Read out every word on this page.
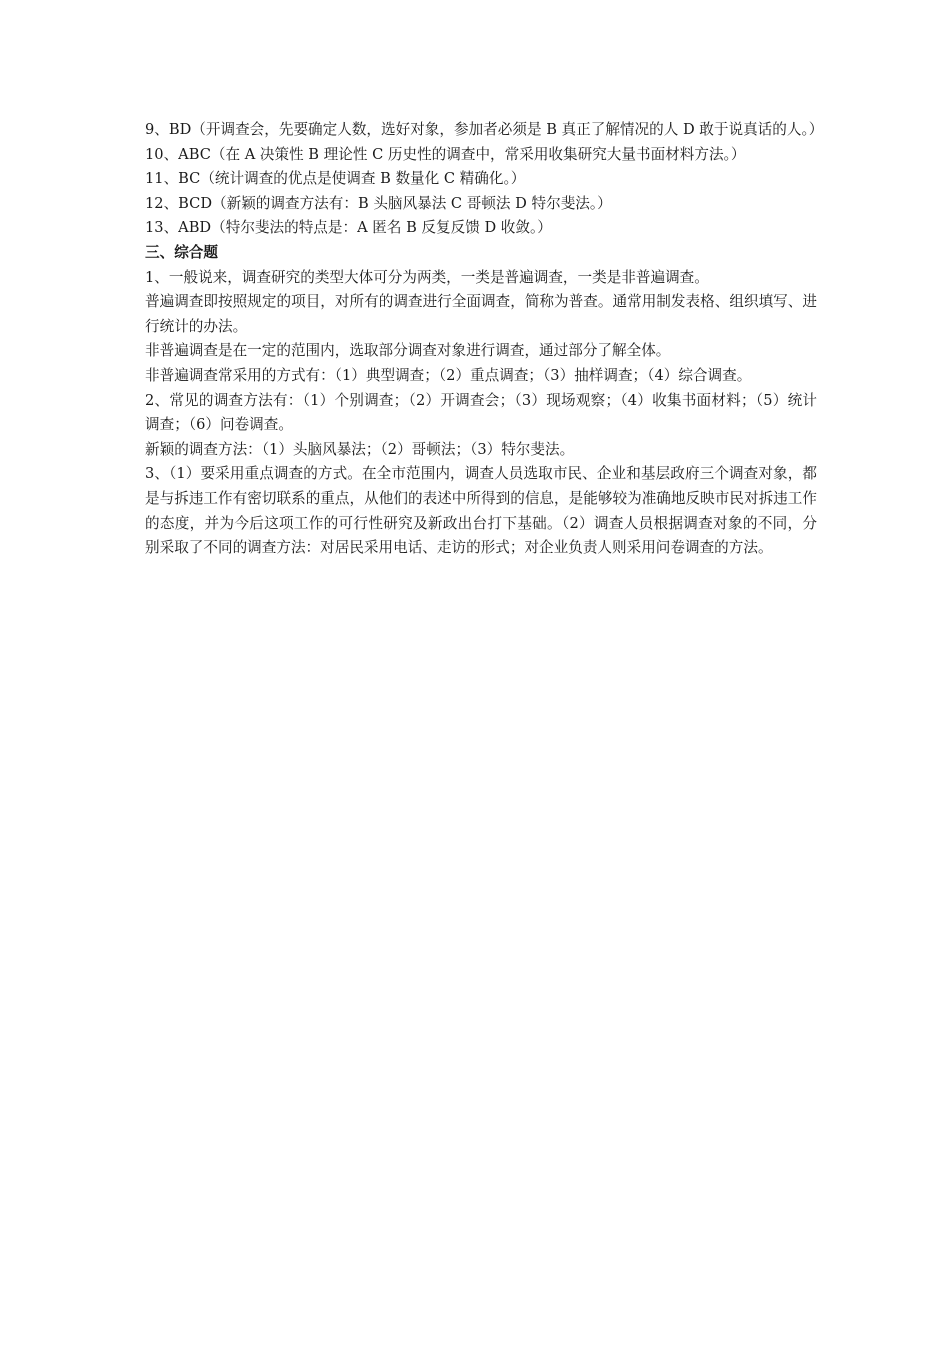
9、BD（开调查会，先要确定人数，选好对象，参加者必须是 B 真正了解情况的人 D 敢于说真话的人。）

10、ABC（在 A 决策性 B 理论性 C 历史性的调查中，常采用收集研究大量书面材料方法。）

11、BC（统计调查的优点是使调查 B 数量化 C 精确化。）

12、BCD（新颖的调查方法有：B 头脑风暴法 C 哥顿法 D 特尔斐法。）

13、ABD（特尔斐法的特点是：A 匿名 B 反复反馈 D 收敛。）

三、综合题

1、一般说来，调查研究的类型大体可分为两类，一类是普遍调查，一类是非普遍调查。

普遍调查即按照规定的项目，对所有的调查进行全面调查，简称为普查。通常用制发表格、组织填写、进行统计的办法。

非普遍调查是在一定的范围内，选取部分调查对象进行调查，通过部分了解全体。

非普遍调查常采用的方式有：（1）典型调查；（2）重点调查；（3）抽样调查；（4）综合调查。

2、常见的调查方法有：（1）个别调查；（2）开调查会；（3）现场观察；（4）收集书面材料；（5）统计调查；（6）问卷调查。

新颖的调查方法：（1）头脑风暴法；（2）哥顿法；（3）特尔斐法。

3、（1）要采用重点调查的方式。在全市范围内，调查人员选取市民、企业和基层政府三个调查对象，都是与拆违工作有密切联系的重点，从他们的表述中所得到的信息，是能够较为准确地反映市民对拆违工作的态度，并为今后这项工作的可行性研究及新政出台打下基础。（2）调查人员根据调查对象的不同，分别采取了不同的调查方法：对居民采用电话、走访的形式；对企业负责人则采用问卷调查的方法。
